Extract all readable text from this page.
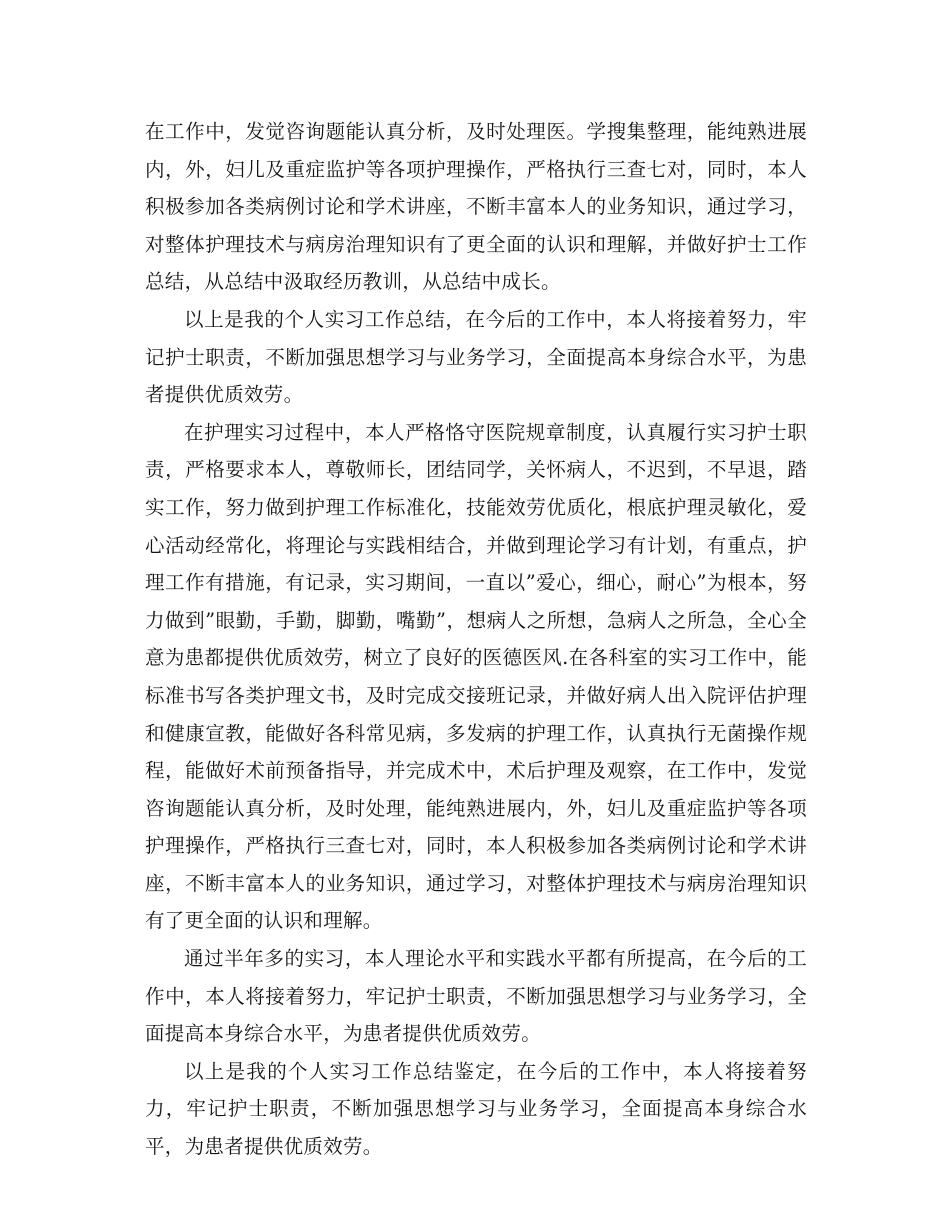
在工作中，发觉咨询题能认真分析，及时处理医。学搜集整理，能纯熟进展内，外，妇儿及重症监护等各项护理操作，严格执行三查七对，同时，本人积极参加各类病例讨论和学术讲座，不断丰富本人的业务知识，通过学习，对整体护理技术与病房治理知识有了更全面的认识和理解，并做好护士工作总结，从总结中汲取经历教训，从总结中成长。

以上是我的个人实习工作总结，在今后的工作中，本人将接着努力，牢记护士职责，不断加强思想学习与业务学习，全面提高本身综合水平，为患者提供优质效劳。

在护理实习过程中，本人严格恪守医院规章制度，认真履行实习护士职责，严格要求本人，尊敬师长，团结同学，关怀病人，不迟到，不早退，踏实工作，努力做到护理工作标准化，技能效劳优质化，根底护理灵敏化，爱心活动经常化，将理论与实践相结合，并做到理论学习有计划，有重点，护理工作有措施，有记录，实习期间，一直以”爱心，细心，耐心”为根本，努力做到”眼勤，手勤，脚勤，嘴勤”，想病人之所想，急病人之所急，全心全意为患都提供优质效劳，树立了良好的医德医风.在各科室的实习工作中，能标准书写各类护理文书，及时完成交接班记录，并做好病人出入院评估护理和健康宣教，能做好各科常见病，多发病的护理工作，认真执行无菌操作规程，能做好术前预备指导，并完成术中，术后护理及观察，在工作中，发觉咨询题能认真分析，及时处理，能纯熟进展内，外，妇儿及重症监护等各项护理操作，严格执行三查七对，同时，本人积极参加各类病例讨论和学术讲座，不断丰富本人的业务知识，通过学习，对整体护理技术与病房治理知识有了更全面的认识和理解。

通过半年多的实习，本人理论水平和实践水平都有所提高，在今后的工作中，本人将接着努力，牢记护士职责，不断加强思想学习与业务学习，全面提高本身综合水平，为患者提供优质效劳。

以上是我的个人实习工作总结鉴定，在今后的工作中，本人将接着努力，牢记护士职责，不断加强思想学习与业务学习，全面提高本身综合水平，为患者提供优质效劳。
